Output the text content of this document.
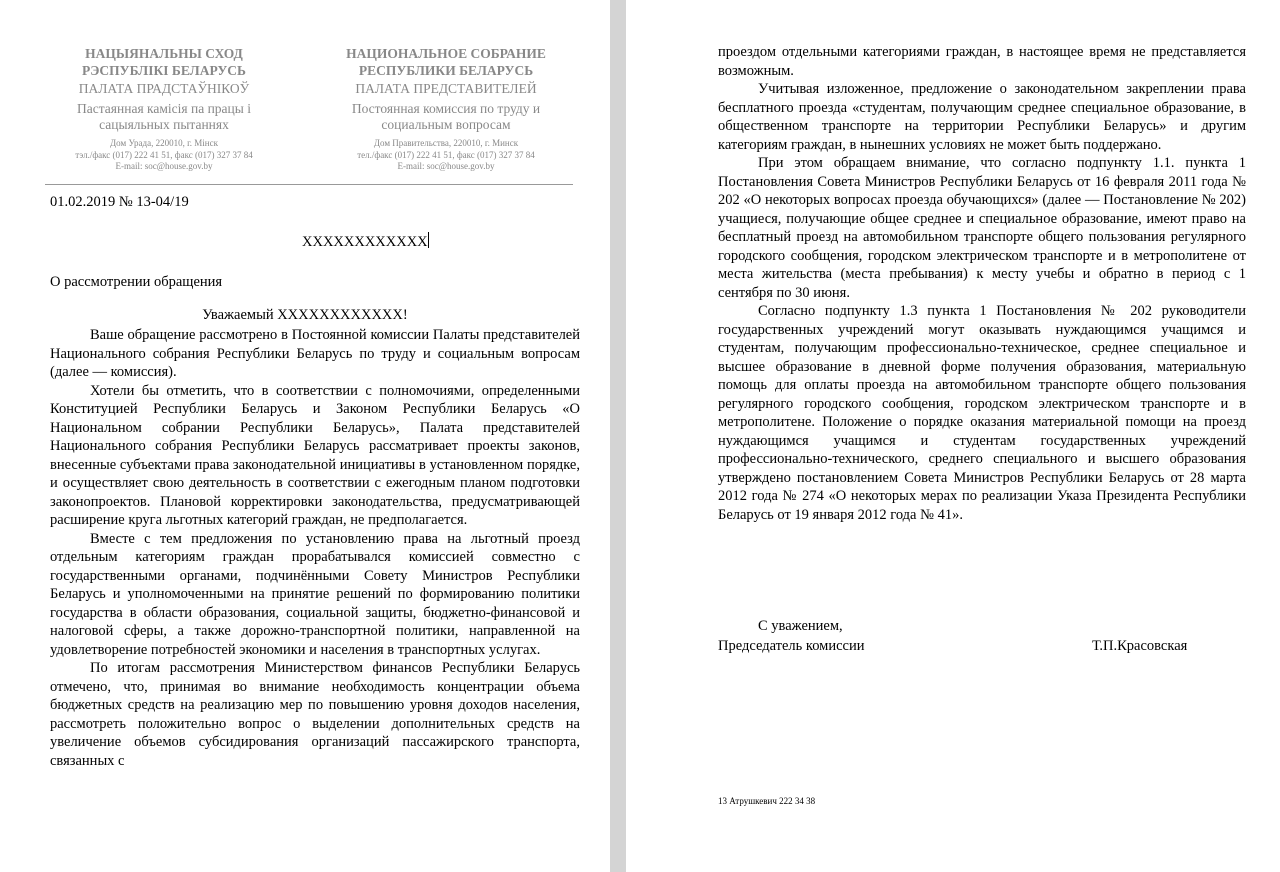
НАЦЫЯНАЛЬНЫ СХОД РЭСПУБЛІКІ БЕЛАРУСЬ
ПАЛАТА ПРАДСТАЎНІКОЎ
Пастаянная камісія па працы і сацыяльных пытаннях
Дом Урада, 220010, г. Мінск
тэл./факс (017) 222 41 51, факс (017) 327 37 84
E-mail: soc@house.gov.by
НАЦИОНАЛЬНОЕ СОБРАНИЕ РЕСПУБЛИКИ БЕЛАРУСЬ
ПАЛАТА ПРЕДСТАВИТЕЛЕЙ
Постоянная комиссия по труду и социальным вопросам
Дом Правительства, 220010, г. Минск
тел./факс (017) 222 41 51, факс (017) 327 37 84
E-mail: soc@house.gov.by
01.02.2019 № 13-04/19
ХХХХХХХХХХХХ
О рассмотрении обращения
Уважаемый ХХХХХХХХХХХХ!

Ваше обращение рассмотрено в Постоянной комиссии Палаты представителей Национального собрания Республики Беларусь по труду и социальным вопросам (далее — комиссия).

Хотели бы отметить, что в соответствии с полномочиями, определенными Конституцией Республики Беларусь и Законом Республики Беларусь «О Национальном собрании Республики Беларусь», Палата представителей Национального собрания Республики Беларусь рассматривает проекты законов, внесенные субъектами права законодательной инициативы в установленном порядке, и осуществляет свою деятельность в соответствии с ежегодным планом подготовки законопроектов. Плановой корректировки законодательства, предусматривающей расширение круга льготных категорий граждан, не предполагается.

Вместе с тем предложения по установлению права на льготный проезд отдельным категориям граждан прорабатывался комиссией совместно с государственными органами, подчинёнными Совету Министров Республики Беларусь и уполномоченными на принятие решений по формированию политики государства в области образования, социальной защиты, бюджетно-финансовой и налоговой сферы, а также дорожно-транспортной политики, направленной на удовлетворение потребностей экономики и населения в транспортных услугах.

По итогам рассмотрения Министерством финансов Республики Беларусь отмечено, что, принимая во внимание необходимость концентрации объема бюджетных средств на реализацию мер по повышению уровня доходов населения, рассмотреть положительно вопрос о выделении дополнительных средств на увеличение объемов субсидирования организаций пассажирского транспорта, связанных с

проездом отдельными категориями граждан, в настоящее время не представляется возможным.

Учитывая изложенное, предложение о законодательном закреплении права бесплатного проезда «студентам, получающим среднее специальное образование, в общественном транспорте на территории Республики Беларусь» и другим категориям граждан, в нынешних условиях не может быть поддержано.

При этом обращаем внимание, что согласно подпункту 1.1. пункта 1 Постановления Совета Министров Республики Беларусь от 16 февраля 2011 года № 202 «О некоторых вопросах проезда обучающихся» (далее — Постановление № 202) учащиеся, получающие общее среднее и специальное образование, имеют право на бесплатный проезд на автомобильном транспорте общего пользования регулярного городского сообщения, городском электрическом транспорте и в метрополитене от места жительства (места пребывания) к месту учебы и обратно в период с 1 сентября по 30 июня.

Согласно подпункту 1.3 пункта 1 Постановления № 202 руководители государственных учреждений могут оказывать нуждающимся учащимся и студентам, получающим профессионально-техническое, среднее специальное и высшее образование в дневной форме получения образования, материальную помощь для оплаты проезда на автомобильном транспорте общего пользования регулярного городского сообщения, городском электрическом транспорте и в метрополитене. Положение о порядке оказания материальной помощи на проезд нуждающимся учащимся и студентам государственных учреждений профессионально-технического, среднего специального и высшего образования утверждено постановлением Совета Министров Республики Беларусь от 28 марта 2012 года № 274 «О некоторых мерах по реализации Указа Президента Республики Беларусь от 19 января 2012 года № 41».

С уважением,
Председатель комиссии	Т.П.Красовская
13 Атрушкевич 222 34 38
